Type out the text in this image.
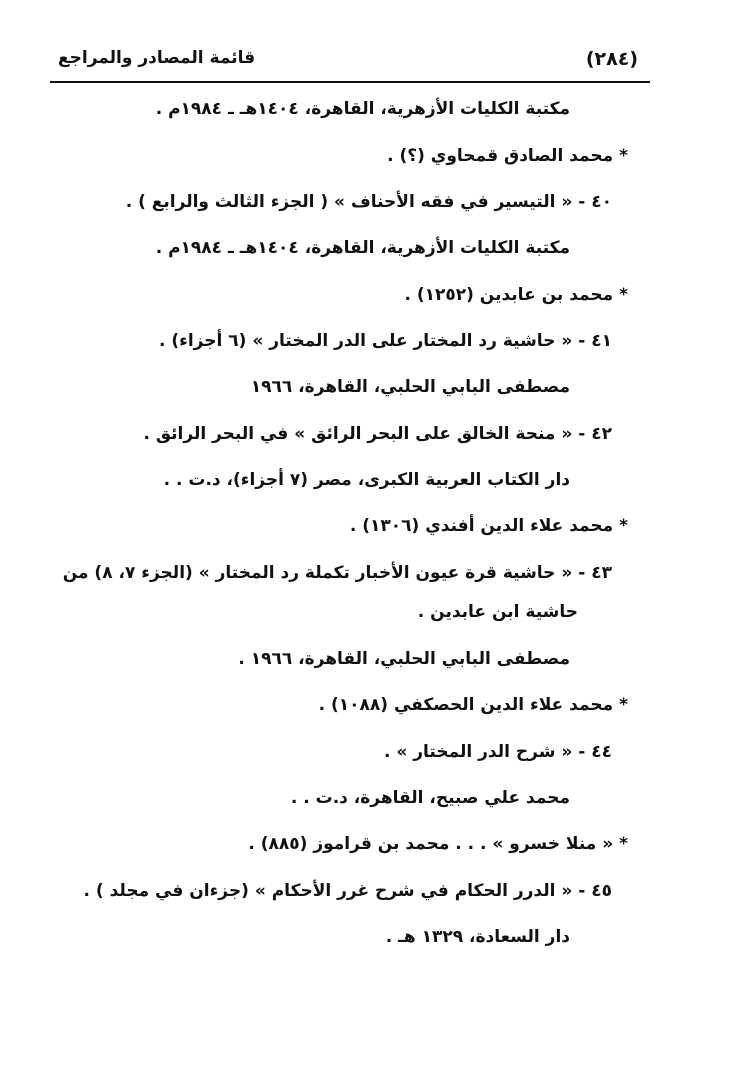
(٢٨٤)
قائمة المصادر والمراجع
مكتبة الكليات الأزهرية، القاهرة، ١٤٠٤هـ ـ ١٩٨٤م .
* محمد الصادق قمحاوي (؟) .
٤٠ - « التيسير في فقه الأحناف » ( الجزء الثالث والرابع ) .
مكتبة الكليات الأزهرية، القاهرة، ١٤٠٤هـ ـ ١٩٨٤م .
* محمد بن عابدين (١٢٥٢) .
٤١ - « حاشية رد المختار على الدر المختار » (٦ أجزاء) .
مصطفى البابي الحلبي، القاهرة، ١٩٦٦
٤٢ - « منحة الخالق على البحر الرائق » في البحر الرائق .
دار الكتاب العربية الكبرى، مصر (٧ أجزاء)، د.ت . .
* محمد علاء الدين أفندي (١٣٠٦) .
٤٣ - « حاشية قرة عيون الأخبار تكملة رد المختار » (الجزء ٧، ٨) من
حاشية ابن عابدين .
مصطفى البابي الحلبي، القاهرة، ١٩٦٦ .
* محمد علاء الدين الحصكفي (١٠٨٨) .
٤٤ - « شرح الدر المختار » .
محمد علي صبيح، القاهرة، د.ت . .
* « منلا خسرو » . . . محمد بن قراموز (٨٨٥) .
٤٥ - « الدرر الحكام في شرح غرر الأحكام » (جزءان في مجلد ) .
دار السعادة، ١٣٢٩ هـ .
